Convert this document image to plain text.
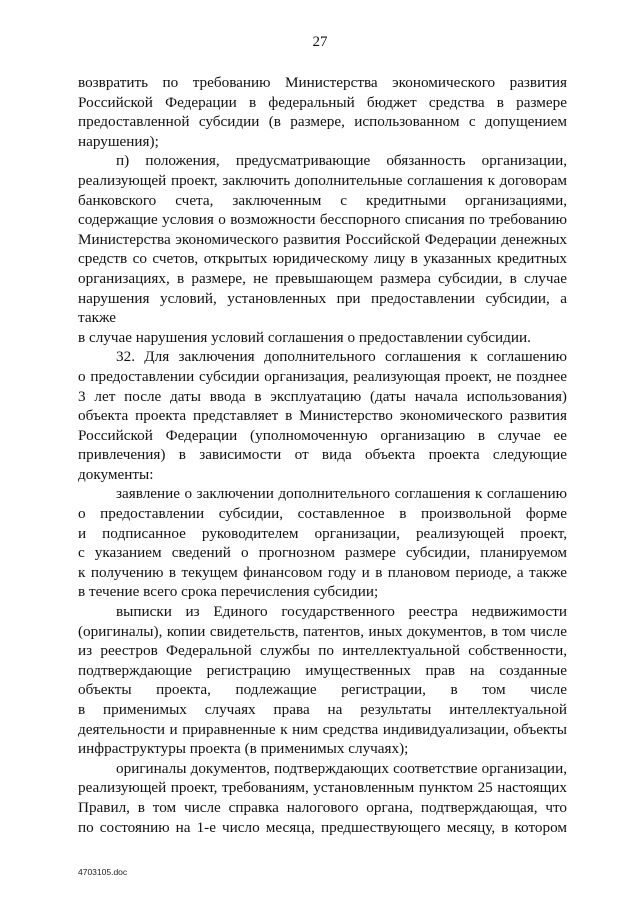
27

возвратить по требованию Министерства экономического развития

Российской Федерации в федеральный бюджет средства в размере

предоставленной субсидии (в размере, использованном с допущением

нарушения);

п) положения, предусматривающие обязанность организации,

реализующей проект, заключить дополнительные соглашения к договорам

банковского счета, заключенным с кредитными организациями,

содержащие условия о возможности бесспорного списания по требованию

Министерства экономического развития Российской Федерации денежных

средств со счетов, открытых юридическому лицу в указанных кредитных

организациях, в размере, не превышающем размера субсидии, в случае

нарушения условий, установленных при предоставлении субсидии, а также

в случае нарушения условий соглашения о предоставлении субсидии.

32. Для заключения дополнительного соглашения к соглашению

о предоставлении субсидии организация, реализующая проект, не позднее

3 лет после даты ввода в эксплуатацию (даты начала использования)

объекта проекта представляет в Министерство экономического развития

Российской Федерации (уполномоченную организацию в случае ее

привлечения) в зависимости от вида объекта проекта следующие

документы:

заявление о заключении дополнительного соглашения к соглашению

о предоставлении субсидии, составленное в произвольной форме

и подписанное руководителем организации, реализующей проект,

с указанием сведений о прогнозном размере субсидии, планируемом

к получению в текущем финансовом году и в плановом периоде, а также

в течение всего срока перечисления субсидии;

выписки из Единого государственного реестра недвижимости

(оригиналы), копии свидетельств, патентов, иных документов, в том числе

из реестров Федеральной службы по интеллектуальной собственности,

подтверждающие регистрацию имущественных прав на созданные

объекты проекта, подлежащие регистрации, в том числе

в применимых случаях права на результаты интеллектуальной

деятельности и приравненные к ним средства индивидуализации, объекты

инфраструктуры проекта (в применимых случаях);

оригиналы документов, подтверждающих соответствие организации,

реализующей проект, требованиям, установленным пунктом 25 настоящих

Правил, в том числе справка налогового органа, подтверждающая, что

по состоянию на 1-е число месяца, предшествующего месяцу, в котором

4703105.doc
